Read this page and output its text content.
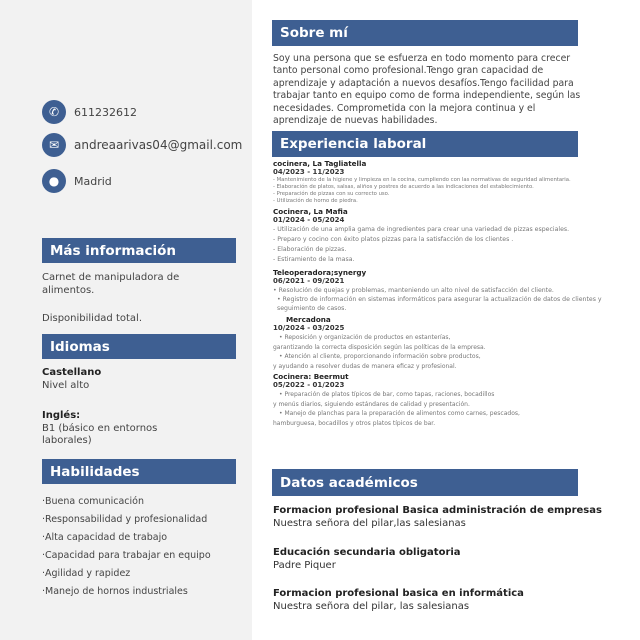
✆	611232612
✉	andreaarivas04@gmail.com
●	Madrid
Más información
Carnet de manipuladora de alimentos.
Disponibilidad total.
Idiomas
Castellano
Nivel alto
Inglés:
B1 (básico en entornos laborales)
Habilidades
·Buena comunicación
·Responsabilidad y profesionalidad
·Alta capacidad de trabajo
·Capacidad para trabajar en equipo
·Agilidad y rapidez
·Manejo de hornos industriales
Sobre mí
Soy una persona que se esfuerza en todo momento para crecer tanto personal como profesional.Tengo gran capacidad de aprendizaje y adaptación a nuevos desafíos.Tengo facilidad para trabajar tanto en equipo como de forma independiente, según las necesidades. Comprometida con la mejora continua y el aprendizaje de nuevas habilidades.
Experiencia laboral
cocinera, La Tagliatella
04/2023 - 11/2023
- Mantenimiento de la higiene y limpieza en la cocina, cumpliendo con las normativas de seguridad alimentaria.
- Elaboración de platos, salsas, aliños y postres de acuerdo a las indicaciones del establecimiento.
- Preparación de pizzas con su correcto uso.
- Utilización de horno de piedra.
Cocinera, La Mafia
01/2024 - 05/2024
- Utilización de una amplia gama de ingredientes para crear una variedad de pizzas especiales.
- Preparo y cocino con éxito platos pizzas para la satisfacción de los clientes .
- Elaboración de pizzas.
- Estiramiento de la masa.
Teleoperadora;synergy
06/2021 - 09/2021
• Resolución de quejas y problemas, manteniendo un alto nivel de satisfacción del cliente.
• Registro de información en sistemas informáticos para asegurar la actualización de datos de clientes y seguimiento de casos.
Mercadona
10/2024 - 03/2025
• Reposición y organización de productos en estanterías,
garantizando la correcta disposición según las políticas de la empresa.
• Atención al cliente, proporcionando información sobre productos,
y ayudando a resolver dudas de manera eficaz y profesional.
Cocinera: Beermut
05/2022 - 01/2023
• Preparación de platos típicos de bar, como tapas, raciones, bocadillos
y menús diarios, siguiendo estándares de calidad y presentación.
• Manejo de planchas para la preparación de alimentos como carnes, pescados,
hamburguesa, bocadillos y otros platos típicos de bar.
Datos académicos
Formacion profesional Basica administración de empresas
Nuestra señora del pilar,las salesianas
Educación secundaria obligatoria
Padre Piquer
Formacion profesional basica en informática
Nuestra señora del pilar, las salesianas
